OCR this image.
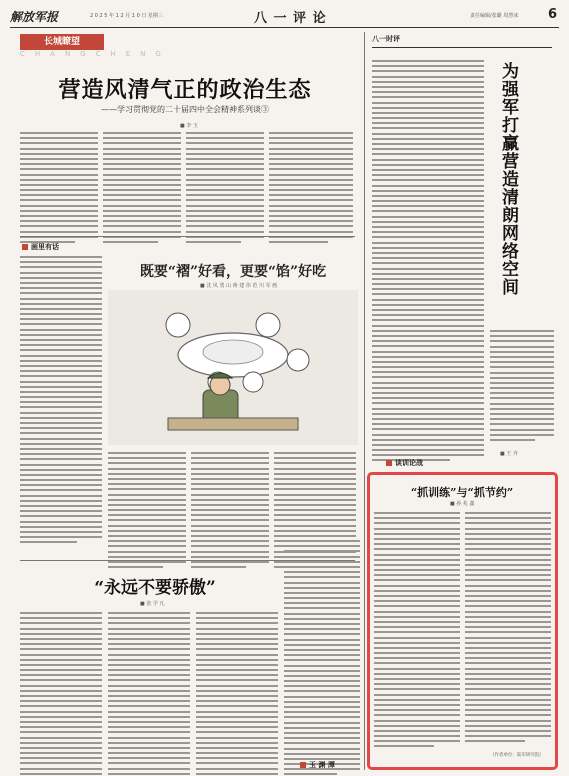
解放军报	2 0 2 5 年 1 2 月 1 0 日 星期三	八 一 评 论	责任编辑/张璐 周慧冰 6
长城瞭望
CHANGCHENG
营造风清气正的政治生态
——学习贯彻党的二十届四中全会精神系列谈③
■ 李 玉
画里有话
既要“褶”好看，更要“馅”好吃
■ 沈 风 勇 山 蒋 建 伟 范 川 军 画
“永远不要骄傲”
■ 张 学 凡
玉 渊 潭
八一时评
为强军打赢营造清朗网络空间
■ 王 齐
谈训论战
“抓训练”与“抓节约”
■ 孙 兆 鑫
（作者单位：陆军研究院）
